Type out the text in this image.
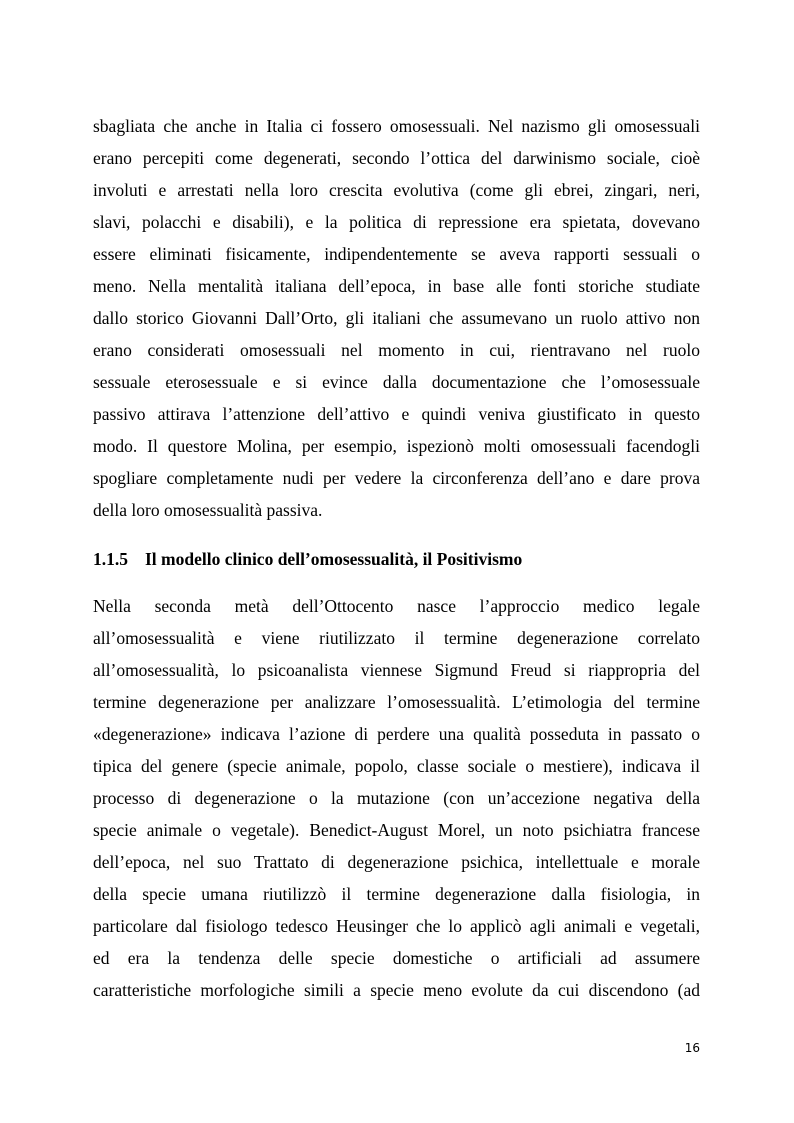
sbagliata che anche in Italia ci fossero omosessuali. Nel nazismo gli omosessuali
erano percepiti come degenerati, secondo l’ottica del darwinismo sociale, cioè
involuti e arrestati nella loro crescita evolutiva (come gli ebrei, zingari, neri,
slavi, polacchi e disabili), e la politica di repressione era spietata, dovevano
essere eliminati fisicamente, indipendentemente se aveva rapporti sessuali o
meno. Nella mentalità italiana dell’epoca, in base alle fonti storiche studiate
dallo storico Giovanni Dall’Orto, gli italiani che assumevano un ruolo attivo non
erano considerati omosessuali nel momento in cui, rientravano nel ruolo
sessuale eterosessuale e si evince dalla documentazione che l’omosessuale
passivo attirava l’attenzione dell’attivo e quindi veniva giustificato in questo
modo. Il questore Molina, per esempio, ispezionò molti omosessuali facendogli
spogliare completamente nudi per vedere la circonferenza dell’ano e dare prova
della loro omosessualità passiva.
1.1.5 Il modello clinico dell’omosessualità, il Positivismo
Nella seconda metà dell’Ottocento nasce l’approccio medico legale
all’omosessualità e viene riutilizzato il termine degenerazione correlato
all’omosessualità, lo psicoanalista viennese Sigmund Freud si riappropria del
termine degenerazione per analizzare l’omosessualità. L’etimologia del termine
«degenerazione» indicava l’azione di perdere una qualità posseduta in passato o
tipica del genere (specie animale, popolo, classe sociale o mestiere), indicava il
processo di degenerazione o la mutazione (con un’accezione negativa della
specie animale o vegetale). Benedict-August Morel, un noto psichiatra francese
dell’epoca, nel suo Trattato di degenerazione psichica, intellettuale e morale
della specie umana riutilizzò il termine degenerazione dalla fisiologia, in
particolare dal fisiologo tedesco Heusinger che lo applicò agli animali e vegetali,
ed era la tendenza delle specie domestiche o artificiali ad assumere
caratteristiche morfologiche simili a specie meno evolute da cui discendono (ad
16
